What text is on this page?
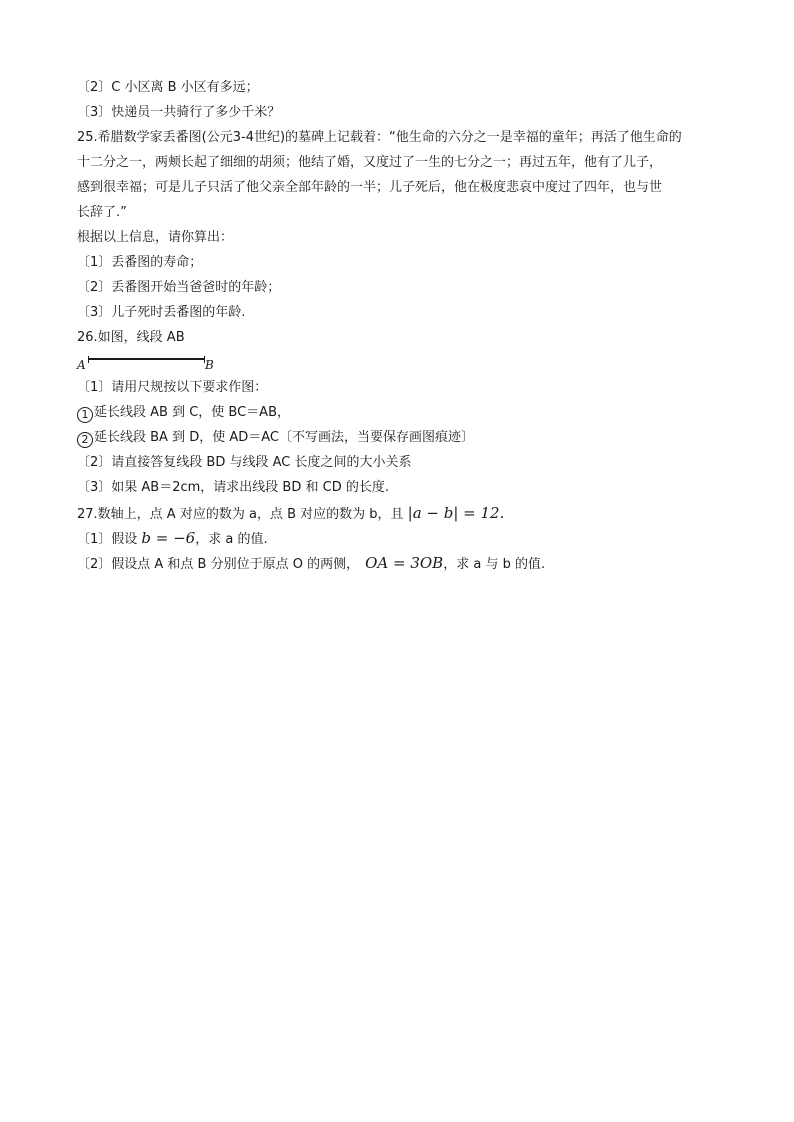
〔2〕C 小区离 B 小区有多远；
〔3〕快递员一共骑行了多少千米？
25.希腊数学家丢番图(公元3-4世纪)的墓碑上记载着：“他生命的六分之一是幸福的童年；再活了他生命的
十二分之一，两颊长起了细细的胡须；他结了婚，又度过了一生的七分之一；再过五年，他有了儿子，
感到很幸福；可是儿子只活了他父亲全部年龄的一半；儿子死后，他在极度悲哀中度过了四年，也与世
长辞了.”
根据以上信息，请你算出：
〔1〕丢番图的寿命；
〔2〕丢番图开始当爸爸时的年龄；
〔3〕儿子死时丢番图的年龄.
26.如图，线段 AB
A	B
〔1〕请用尺规按以下要求作图：
1 延长线段 AB 到 C，使 BC＝AB，
2 延长线段 BA 到 D，使 AD＝AC〔不写画法，当要保存画图痕迹〕
〔2〕请直接答复线段 BD 与线段 AC 长度之间的大小关系
〔3〕如果 AB＝2cm，请求出线段 BD 和 CD 的长度.
27.数轴上，点 A 对应的数为 a，点 B 对应的数为 b，且 |a − b| = 12.
〔1〕假设 b = −6，求 a 的值.
〔2〕假设点 A 和点 B 分别位于原点 O 的两侧， OA = 3OB，求 a 与 b 的值.
